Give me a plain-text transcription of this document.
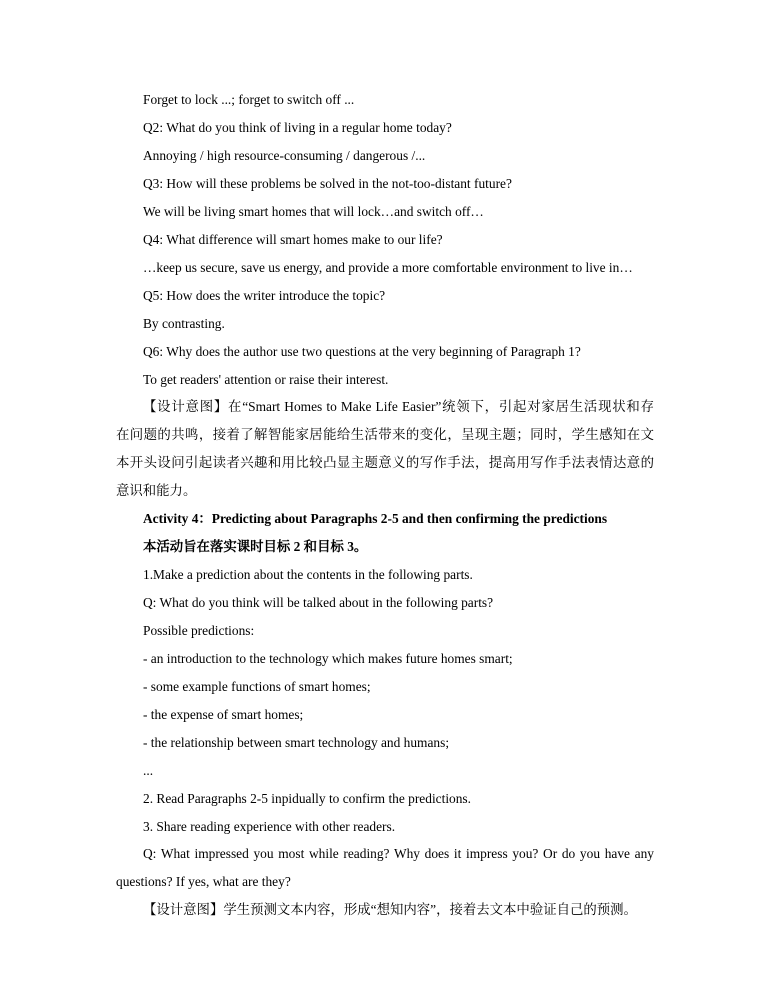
Forget to lock ...; forget to switch off ...
Q2: What do you think of living in a regular home today?
Annoying / high resource-consuming / dangerous /...
Q3: How will these problems be solved in the not-too-distant future?
We will be living smart homes that will lock…and switch off…
Q4: What difference will smart homes make to our life?
…keep us secure, save us energy, and provide a more comfortable environment to live in…
Q5: How does the writer introduce the topic?
By contrasting.
Q6: Why does the author use two questions at the very beginning of Paragraph 1?
To get readers' attention or raise their interest.
【设计意图】在“Smart Homes to Make Life Easier”统领下，引起对家居生活现状和存
在问题的共鸣，接着了解智能家居能给生活带来的变化，呈现主题；同时，学生感知在文
本开头设问引起读者兴趣和用比较凸显主题意义的写作手法，提高用写作手法表情达意的
意识和能力。
Activity 4：Predicting about Paragraphs 2-5 and then confirming the predictions
本活动旨在落实课时目标 2 和目标 3。
1.Make a prediction about the contents in the following parts.
Q: What do you think will be talked about in the following parts?
Possible predictions:
- an introduction to the technology which makes future homes smart;
- some example functions of smart homes;
- the expense of smart homes;
- the relationship between smart technology and humans;
...
2. Read Paragraphs 2-5 inpidually to confirm the predictions.
3. Share reading experience with other readers.
Q: What impressed you most while reading? Why does it impress you? Or do you have any
questions? If yes, what are they?
【设计意图】学生预测文本内容，形成“想知内容”，接着去文本中验证自己的预测。
